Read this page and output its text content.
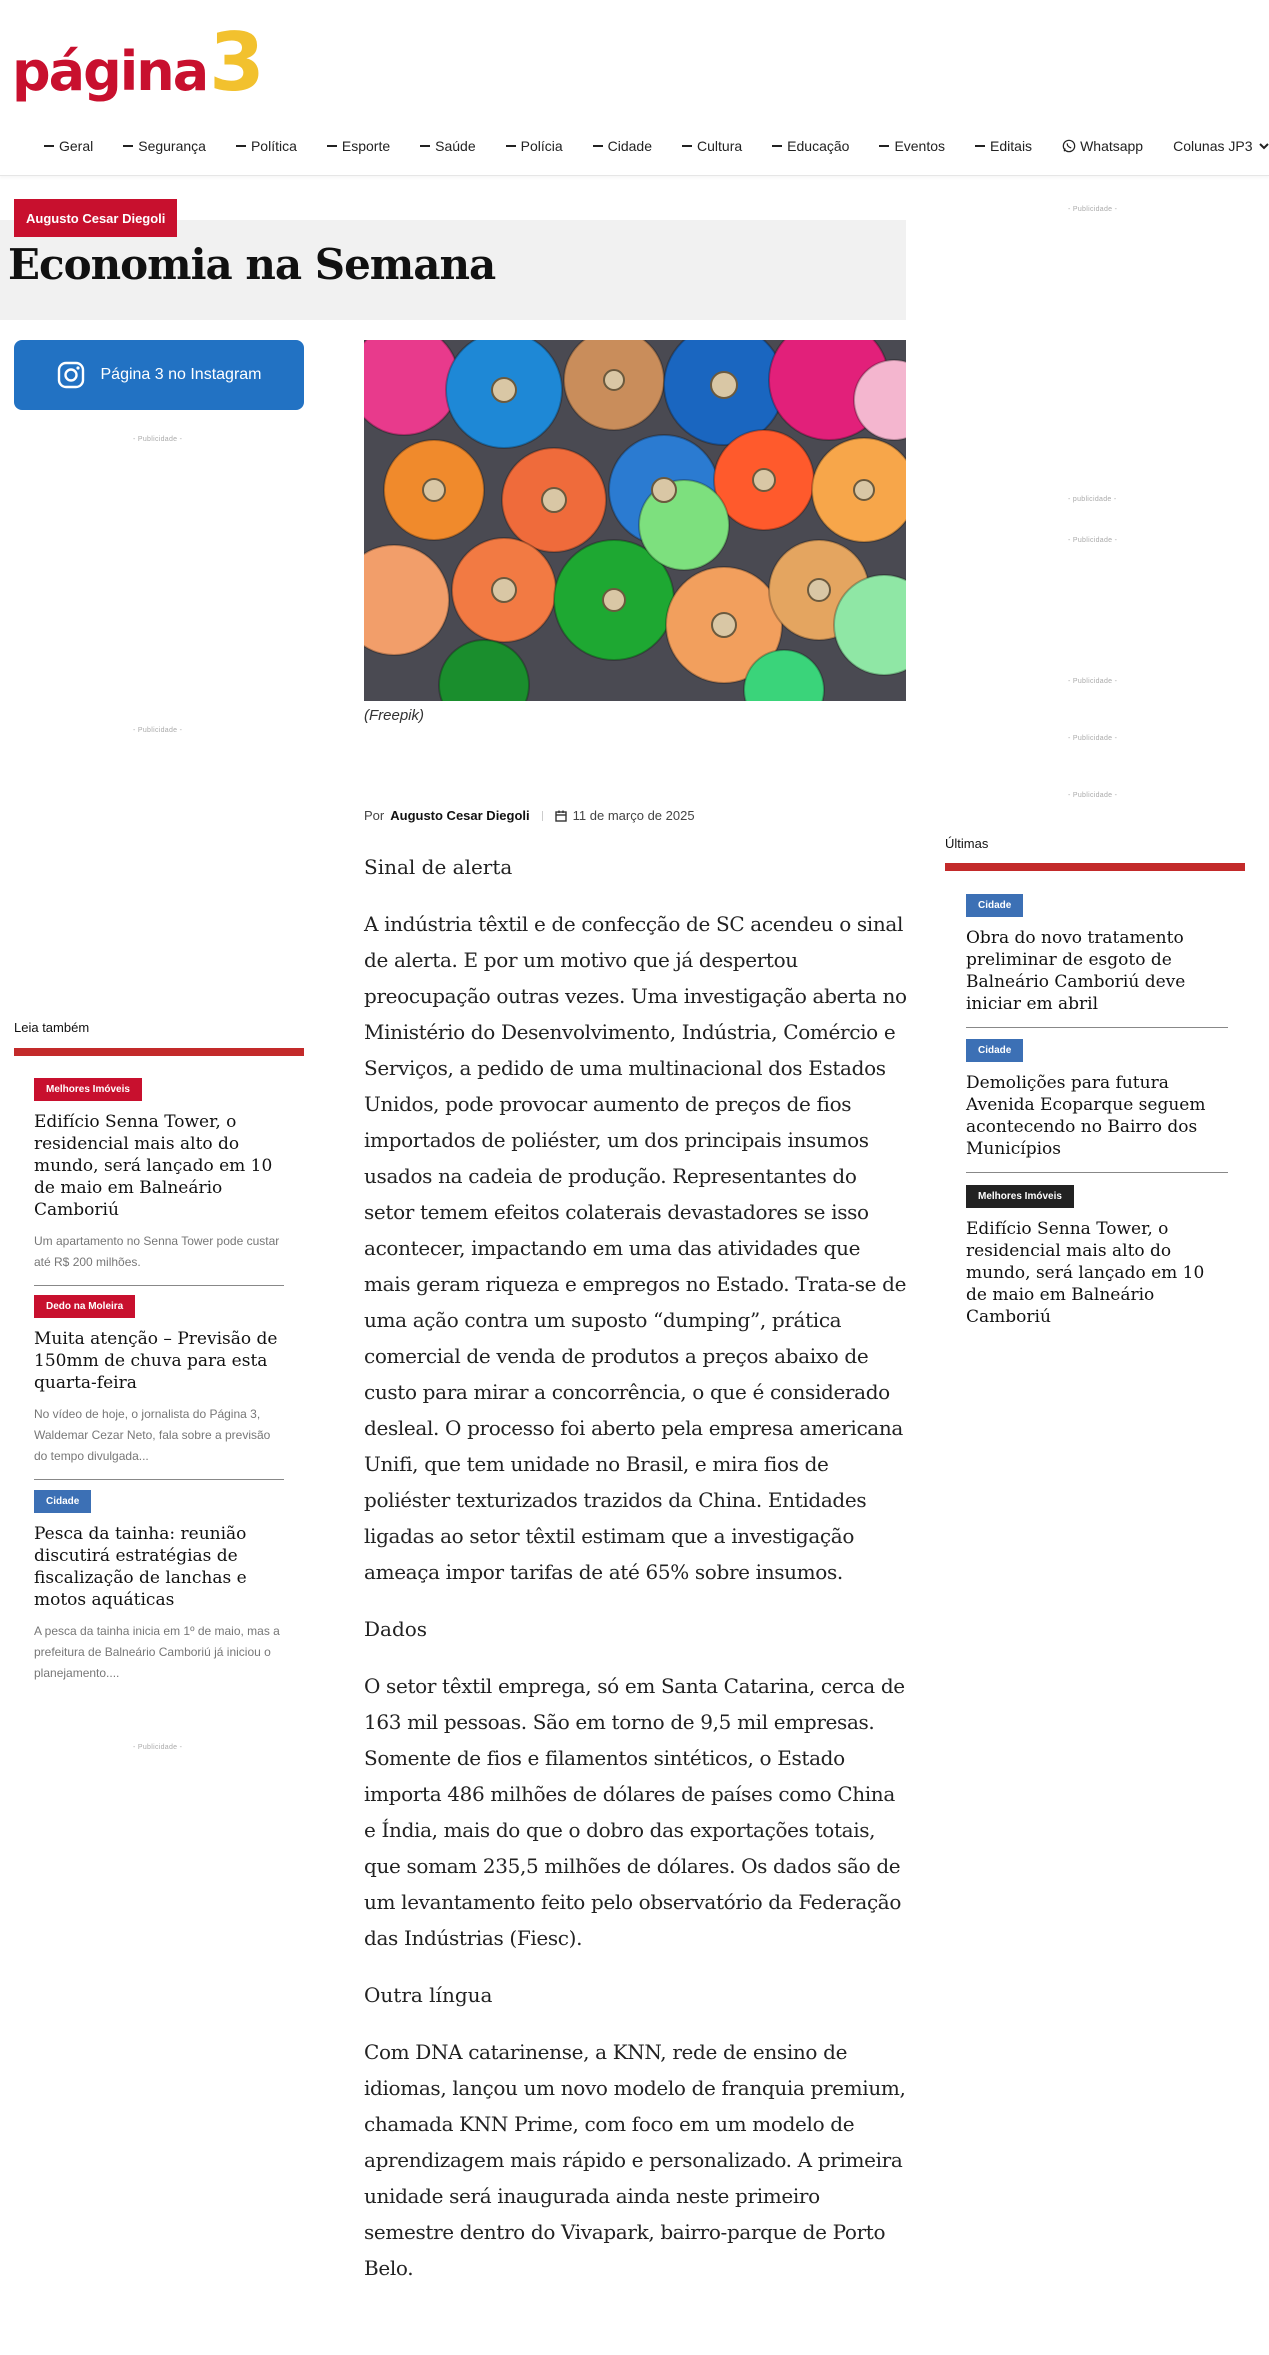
página 3
Geral	Segurança	Política	Esporte	Saúde	Polícia	Cidade	Cultura	Educação	Eventos	Editais	Whatsapp Colunas JP3
Augusto Cesar Diegoli
Economia na Semana
Página 3 no Instagram
- Publicidade -
- Publicidade -
Leia também
Melhores Imóveis
Edifício Senna Tower, o residencial mais alto do mundo, será lançado em 10 de maio em Balneário Camboriú
Um apartamento no Senna Tower pode custar até R$ 200 milhões.
Dedo na Moleira
Muita atenção – Previsão de 150mm de chuva para esta quarta-feira
No vídeo de hoje, o jornalista do Página 3, Waldemar Cezar Neto, fala sobre a previsão do tempo divulgada...
Cidade
Pesca da tainha: reunião discutirá estratégias de fiscalização de lanchas e motos aquáticas
A pesca da tainha inicia em 1º de maio, mas a prefeitura de Balneário Camboriú já iniciou o planejamento....
- Publicidade -
(Freepik)
Por Augusto Cesar Diegoli	11 de março de 2025
Sinal de alerta

A indústria têxtil e de confecção de SC acendeu o sinal de alerta. E por um motivo que já despertou preocupação outras vezes. Uma investigação aberta no Ministério do Desenvolvimento, Indústria, Comércio e Serviços, a pedido de uma multinacional dos Estados Unidos, pode provocar aumento de preços de fios importados de poliéster, um dos principais insumos usados na cadeia de produção. Representantes do setor temem efeitos colaterais devastadores se isso acontecer, impactando em uma das atividades que mais geram riqueza e empregos no Estado. Trata-se de uma ação contra um suposto “dumping”, prática comercial de venda de produtos a preços abaixo de custo para mirar a concorrência, o que é considerado desleal. O processo foi aberto pela empresa americana Unifi, que tem unidade no Brasil, e mira fios de poliéster texturizados trazidos da China. Entidades ligadas ao setor têxtil estimam que a investigação ameaça impor tarifas de até 65% sobre insumos.

Dados

O setor têxtil emprega, só em Santa Catarina, cerca de 163 mil pessoas. São em torno de 9,5 mil empresas. Somente de fios e filamentos sintéticos, o Estado importa 486 milhões de dólares de países como China e Índia, mais do que o dobro das exportações totais, que somam 235,5 milhões de dólares. Os dados são de um levantamento feito pelo observatório da Federação das Indústrias (Fiesc).

Outra língua

Com DNA catarinense, a KNN, rede de ensino de idiomas, lançou um novo modelo de franquia premium, chamada KNN Prime, com foco em um modelo de aprendizagem mais rápido e personalizado. A primeira unidade será inaugurada ainda neste primeiro semestre dentro do Vivapark, bairro-parque de Porto Belo.

- Publicidade -
- publicidade -
- Publicidade -
- Publicidade -
- Publicidade -
- Publicidade -
Últimas
Cidade
Obra do novo tratamento preliminar de esgoto de Balneário Camboriú deve iniciar em abril
Cidade
Demolições para futura Avenida Ecoparque seguem acontecendo no Bairro dos Municípios
Melhores Imóveis
Edifício Senna Tower, o residencial mais alto do mundo, será lançado em 10 de maio em Balneário Camboriú
